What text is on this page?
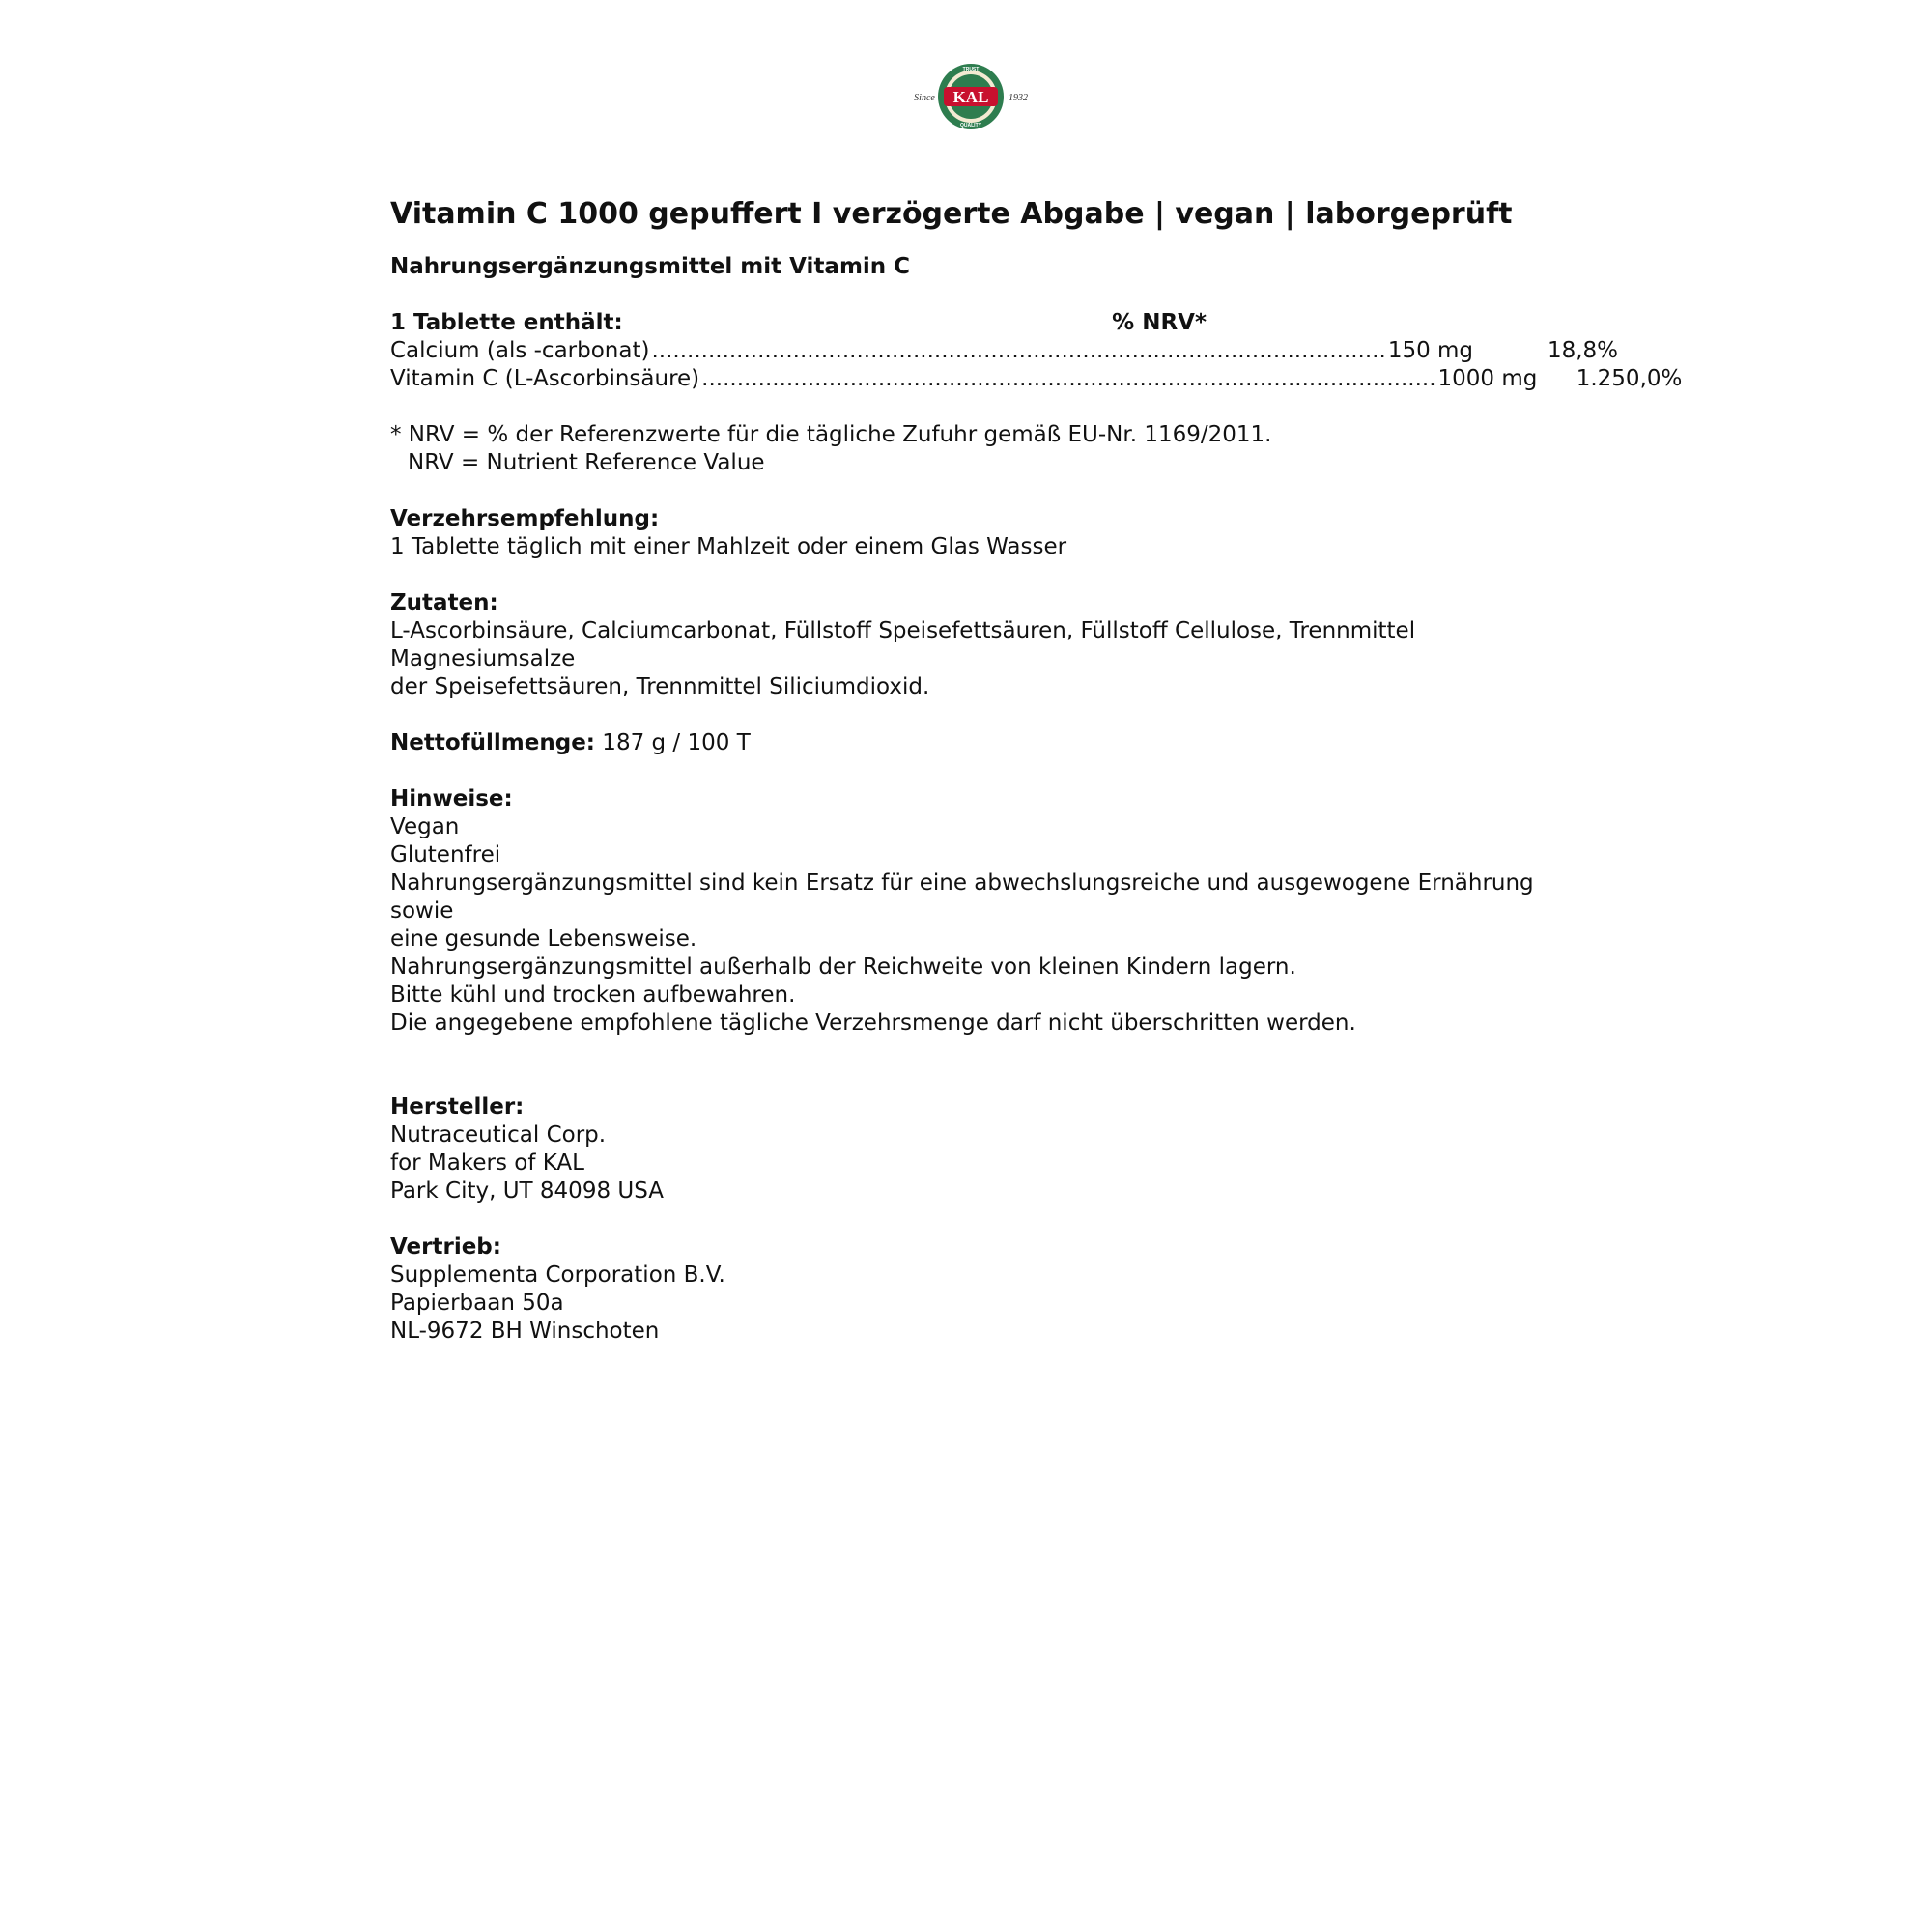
KAL
TRUST
QUALITY
Since	1932
Vitamin C 1000 gepuffert I verzögerte Abgabe | vegan | laborgeprüft
Nahrungsergänzungsmittel mit Vitamin C
1 Tablette enthält:	% NRV*
Calcium (als -carbonat) ........................................................................................................ 150 mg	18,8%
Vitamin C (L-Ascorbinsäure) ........................................................................................................ 1000 mg	1.250,0%

* NRV = % der Referenzwerte für die tägliche Zufuhr gemäß EU-Nr. 1169/2011.

NRV = Nutrient Reference Value

Verzehrsempfehlung:

1 Tablette täglich mit einer Mahlzeit oder einem Glas Wasser

Zutaten:

L-Ascorbinsäure, Calciumcarbonat, Füllstoff Speisefettsäuren, Füllstoff Cellulose, Trennmittel Magnesiumsalze

der Speisefettsäuren, Trennmittel Siliciumdioxid.

Nettofüllmenge: 187 g / 100 T

Hinweise:

Vegan

Glutenfrei

Nahrungsergänzungsmittel sind kein Ersatz für eine abwechslungsreiche und ausgewogene Ernährung sowie

eine gesunde Lebensweise.

Nahrungsergänzungsmittel außerhalb der Reichweite von kleinen Kindern lagern.

Bitte kühl und trocken aufbewahren.

Die angegebene empfohlene tägliche Verzehrsmenge darf nicht überschritten werden.

Hersteller:

Nutraceutical Corp.

for Makers of KAL

Park City, UT 84098 USA

Vertrieb:

Supplementa Corporation B.V.

Papierbaan 50a

NL-9672 BH Winschoten
